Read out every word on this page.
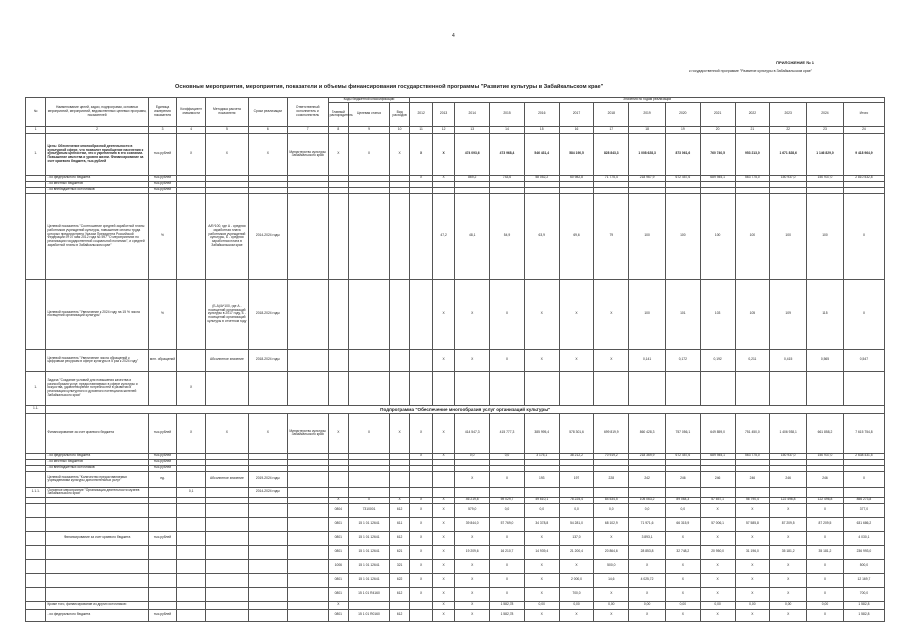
4
ПРИЛОЖЕНИЕ № 1
к государственной программе "Развитие культуры в Забайкальском крае"
Основные мероприятия, мероприятия, показатели и объемы финансирования государственной программы "Развитие культуры в Забайкальском крае"
№	Наименование целей, задач, подпрограмм, основных мероприятий, мероприятий, ведомственных целевых программ, показателей	Единица измерения показателя	Коэффициент значимости	Методика расчета показателя	Сроки реализации	Ответственный исполнитель и соисполнитель	Коды бюджетной классификации			Значения по годам реализации													
							Главный распорядитель	Целевая статья	Вид расходов	2012	2013	2014	2015	2016	2017	2018	2019	2020	2021	2022	2023	2024	Итого
1	2	3	4	5	6	7	8	9	10	11	12	13	14	15	16	17	18	19	20	21	22	23	24
1.	Цель: Обеспечение многообразной деятельности в культурной сфере, что позволит приобщение населения к культурным ценностям, что к укреплению в его сознании. Повышение качества и уровня жизни. Финансирование за счет краевого бюджета, тыс.рублей	тыс.рублей	X	X	X	Министерство культуры Забайкальского края	X	X	X	X	X	474 093,6	473 968,4	546 431,4	584 190,5	828 843,3	1 008 628,3	873 061,6	760 740,5	953 213,0	1 671 828,6	1 146 829,0	9 418 964,9
	- из федерального бюджета	тыс.рублей								X	X	869,2	743,6	58 052,2	60 982,8	71 775,4	218 967,9	672 457,6	689 945,1	563 775,0	150 937,0	150 937,0	2 810 532,8
	- из местных бюджетов	тыс.рублей																					
	- из внебюджетных источников	тыс.рублей																					
	Целевой показатель "Соотношение средней заработной платы работников учреждений культуры, повышение оплаты труда которых предусмотрено Указом Президента Российской Федерации от 07 мая 2012 года № 597 "О мероприятиях по реализации государственной социальной политики", и средней заработной платы в Забайкальском крае"	%		А/Б*100, где А - средняя заработная плата работников учреждений культуры, Б - средняя заработная плата в Забайкальском крае	2014-2024 годы						47,2	48,1	54,9	63,9	69,6	79	100	100	100	100	100	100	X
	Целевой показатель "Увеличение к 2024 году на 15 % числа посещений организаций культуры"	%		(Б-А)/А*100, где А - посещений организаций культуры в 2017 году, Б - посещений организаций культуры в отчетном году	2018-2024 годы						X	X	X	X	X	X	100	101	103	105	109	115	X
	Целевой показатель "Увеличение числа обращений к цифровым ресурсам в сфере культуры в 5 раз к 2024 году"	млн. обращений		Абсолютное значение	2018-2024 годы						X	X	X	X	X	X	0,141	0,172	0,192	0,211	0,415	0,565	0,547
1.	Задача "Создание условий для повышения качества и разнообразия услуг, предоставляемых в сфере культуры и искусства, удовлетворение потребностей в развитии и реализации культурного и духовного потенциала жителей Забайкальского края"		X																				
1.1.	Подпрограмма "Обеспечение многообразия услуг организаций культуры"																						
	Финансирование за счет краевого бюджета	тыс.рублей	X	X	X	Министерство культуры Забайкальского края	X	X	X	X	X	414 547,3	415 777,3	385 995,4	578 301,6	699 819,9	860 428,3	757 056,1	649 859,0	751 450,0	1 406 938,1	661 858,2	7 615 754,8
	- из федерального бюджета	тыс.рублей								X	X	0,0	0,0	3 175,1	38 212,2	70 919,2	218 369,9	672 457,6	689 945,1	563 775,0	150 937,0	150 937,0	2 638 431,5
	- из местных бюджетов	тыс.рублей																					
	- из внебюджетных источников	тыс.рублей																					
	Целевой показатель "Количество предоставляемых учреждениями культуры дополнительных услуг"	ед.		Абсолютное значение	2019-2024 годы							X	X	193	197	228	242	246	246	246	246	246	X
1.1.1.	Основное мероприятие "Организация деятельности музеев Забайкальского края"		0,1		2014-2024 годы																		
							X	X	X	X	X	46 219,8	59 029,7	49 610,1	78 225,4	84 534,5	105 063,2	89 064,3	57 657,1	56 790,4	122 496,8	122 496,8	856 273,8
							0804	7310001	612	X	X	579,0	0,0	0,0	0,0	0,0	0,0	0,0	X	X	X	X	377,0
							0801	15 1 01 12641	611	X	X	39 844,0	57 769,0	34 378,8	54 281,0	68 102,9	71 971,6	66 315,9	57 006,1	57 585,8	87 209,5	87 209,5	631 686,2
	Финансирование за счет краевого бюджета	тыс.рублей					0801	15 1 01 12641	612	X	X	X	X	X	137,0	X	3 893,1	X	X	X	X	X	4 030,1
							0801	15 1 01 12641	621	X	X	19 209,6	16 210,7	14 939,4	21 200,4	20 864,6	28 853,8	32 748,2	20 950,0	31 196,0	35 181,2	35 181,2	236 993,0
							1006	15 1 01 12641	321	X	X	X	X	X	X	500,0	X	X	X	X	X	X	500,0
							0801	15 1 01 12641	622	X	X	X	X	X	2 000,0	14,6	4 025,72	X	X	X	X	X	12 169,7
							0801	15 1 01 R4160	612	X	X	X	X	X	700,0	X	X	X	X	X	X	X	700,0
	Кроме того, финансирование из других источников:						X				X	X	1 582,78	0,00	0,00	0,00	0,00	0,00	0,00	0,00	0,00	0,00	1 582,8
	- из федерального бюджета	тыс.рублей					0801	15 1 01 R0160	612		X	X	1 582,78	X	X	X	X	X	X	X	X	X	1 582,8
